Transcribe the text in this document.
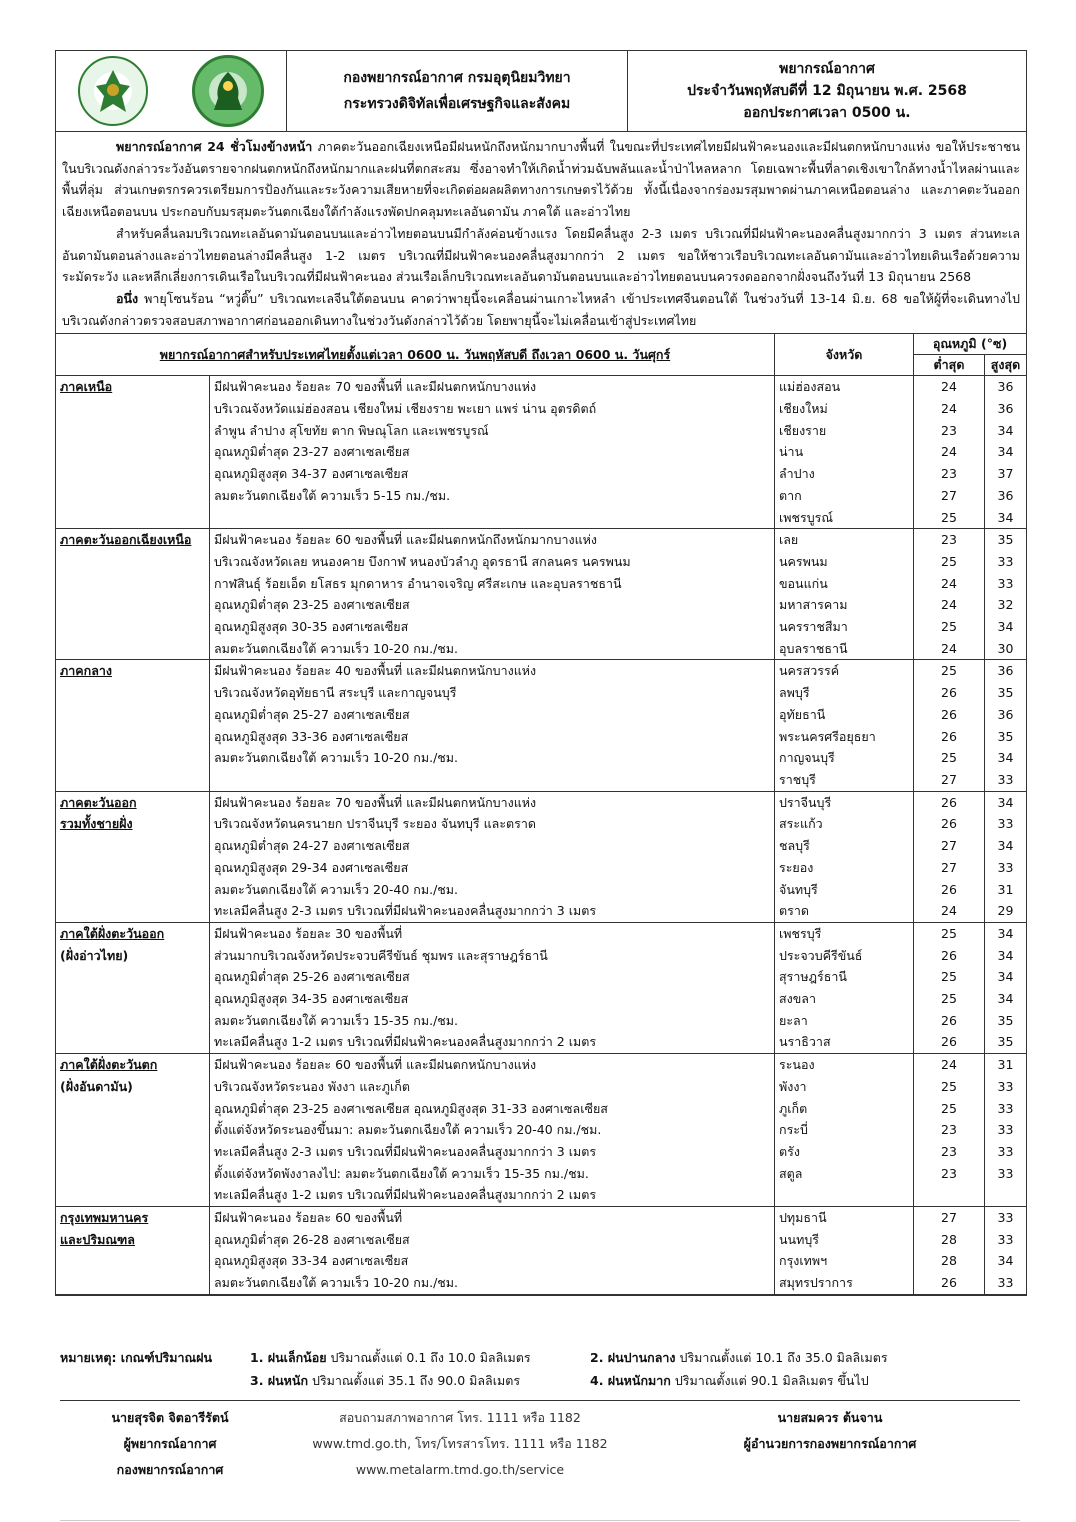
กองพยากรณ์อากาศ กรมอุตุนิยมวิทยา
กระทรวงดิจิทัลเพื่อเศรษฐกิจและสังคม
พยากรณ์อากาศ
ประจำวันพฤหัสบดีที่ 12 มิถุนายน พ.ศ. 2568
ออกประกาศเวลา 0500 น.

พยากรณ์อากาศ 24 ชั่วโมงข้างหน้า ภาคตะวันออกเฉียงเหนือมีฝนหนักถึงหนักมากบางพื้นที่ ในขณะที่ประเทศไทยมีฝนฟ้าคะนองและมีฝนตกหนักบางแห่ง ขอให้ประชาชนในบริเวณดังกล่าวระวังอันตรายจากฝนตกหนักถึงหนักมากและฝนที่ตกสะสม ซึ่งอาจทำให้เกิดน้ำท่วมฉับพลันและน้ำป่าไหลหลาก โดยเฉพาะพื้นที่ลาดเชิงเขาใกล้ทางน้ำไหลผ่านและพื้นที่ลุ่ม ส่วนเกษตรกรควรเตรียมการป้องกันและระวังความเสียหายที่จะเกิดต่อผลผลิตทางการเกษตรไว้ด้วย ทั้งนี้เนื่องจากร่องมรสุมพาดผ่านภาคเหนือตอนล่าง และภาคตะวันออกเฉียงเหนือตอนบน ประกอบกับมรสุมตะวันตกเฉียงใต้กำลังแรงพัดปกคลุมทะเลอันดามัน ภาคใต้ และอ่าวไทย

สำหรับคลื่นลมบริเวณทะเลอันดามันตอนบนและอ่าวไทยตอนบนมีกำลังค่อนข้างแรง โดยมีคลื่นสูง 2-3 เมตร บริเวณที่มีฝนฟ้าคะนองคลื่นสูงมากกว่า 3 เมตร ส่วนทะเลอันดามันตอนล่างและอ่าวไทยตอนล่างมีคลื่นสูง 1-2 เมตร บริเวณที่มีฝนฟ้าคะนองคลื่นสูงมากกว่า 2 เมตร ขอให้ชาวเรือบริเวณทะเลอันดามันและอ่าวไทยเดินเรือด้วยความระมัดระวัง และหลีกเลี่ยงการเดินเรือในบริเวณที่มีฝนฟ้าคะนอง ส่วนเรือเล็กบริเวณทะเลอันดามันตอนบนและอ่าวไทยตอนบนควรงดออกจากฝั่งจนถึงวันที่ 13 มิถุนายน 2568

อนึ่ง พายุโซนร้อน “หวู่ติ๊บ” บริเวณทะเลจีนใต้ตอนบน คาดว่าพายุนี้จะเคลื่อนผ่านเกาะไหหลำ เข้าประเทศจีนตอนใต้ ในช่วงวันที่ 13-14 มิ.ย. 68 ขอให้ผู้ที่จะเดินทางไปบริเวณดังกล่าวตรวจสอบสภาพอากาศก่อนออกเดินทางในช่วงวันดังกล่าวไว้ด้วย โดยพายุนี้จะไม่เคลื่อนเข้าสู่ประเทศไทย

พยากรณ์อากาศสำหรับประเทศไทยตั้งแต่เวลา 0600 น. วันพฤหัสบดี ถึงเวลา 0600 น. วันศุกร์		จังหวัด	อุณหภูมิ (°ซ)	
			ต่ำสุด	สูงสุด
ภาคเหนือ	มีฝนฟ้าคะนอง ร้อยละ 70 ของพื้นที่ และมีฝนตกหนักบางแห่ง	แม่ฮ่องสอน	24	36
	บริเวณจังหวัดแม่ฮ่องสอน เชียงใหม่ เชียงราย พะเยา แพร่ น่าน อุตรดิตถ์	เชียงใหม่	24	36
	ลำพูน ลำปาง สุโขทัย ตาก พิษณุโลก และเพชรบูรณ์	เชียงราย	23	34
	อุณหภูมิต่ำสุด 23-27 องศาเซลเซียส	น่าน	24	34
	อุณหภูมิสูงสุด 34-37 องศาเซลเซียส	ลำปาง	23	37
	ลมตะวันตกเฉียงใต้ ความเร็ว 5-15 กม./ชม.	ตาก	27	36
		เพชรบูรณ์	25	34
ภาคตะวันออกเฉียงเหนือ	มีฝนฟ้าคะนอง ร้อยละ 60 ของพื้นที่ และมีฝนตกหนักถึงหนักมากบางแห่ง	เลย	23	35
	บริเวณจังหวัดเลย หนองคาย บึงกาฬ หนองบัวลำภู อุดรธานี สกลนคร นครพนม	นครพนม	25	33
	กาฬสินธุ์ ร้อยเอ็ด ยโสธร มุกดาหาร อำนาจเจริญ ศรีสะเกษ และอุบลราชธานี	ขอนแก่น	24	33
	อุณหภูมิต่ำสุด 23-25 องศาเซลเซียส	มหาสารคาม	24	32
	อุณหภูมิสูงสุด 30-35 องศาเซลเซียส	นครราชสีมา	25	34
	ลมตะวันตกเฉียงใต้ ความเร็ว 10-20 กม./ชม.	อุบลราชธานี	24	30
ภาคกลาง	มีฝนฟ้าคะนอง ร้อยละ 40 ของพื้นที่ และมีฝนตกหนักบางแห่ง	นครสวรรค์	25	36
	บริเวณจังหวัดอุทัยธานี สระบุรี และกาญจนบุรี	ลพบุรี	26	35
	อุณหภูมิต่ำสุด 25-27 องศาเซลเซียส	อุทัยธานี	26	36
	อุณหภูมิสูงสุด 33-36 องศาเซลเซียส	พระนครศรีอยุธยา	26	35
	ลมตะวันตกเฉียงใต้ ความเร็ว 10-20 กม./ชม.	กาญจนบุรี	25	34
		ราชบุรี	27	33
ภาคตะวันออก	มีฝนฟ้าคะนอง ร้อยละ 70 ของพื้นที่ และมีฝนตกหนักบางแห่ง	ปราจีนบุรี	26	34
รวมทั้งชายฝั่ง	บริเวณจังหวัดนครนายก ปราจีนบุรี ระยอง จันทบุรี และตราด	สระแก้ว	26	33
	อุณหภูมิต่ำสุด 24-27 องศาเซลเซียส	ชลบุรี	27	34
	อุณหภูมิสูงสุด 29-34 องศาเซลเซียส	ระยอง	27	33
	ลมตะวันตกเฉียงใต้ ความเร็ว 20-40 กม./ชม.	จันทบุรี	26	31
	ทะเลมีคลื่นสูง 2-3 เมตร บริเวณที่มีฝนฟ้าคะนองคลื่นสูงมากกว่า 3 เมตร	ตราด	24	29
ภาคใต้ฝั่งตะวันออก	มีฝนฟ้าคะนอง ร้อยละ 30 ของพื้นที่	เพชรบุรี	25	34
(ฝั่งอ่าวไทย)	ส่วนมากบริเวณจังหวัดประจวบคีรีขันธ์ ชุมพร และสุราษฎร์ธานี	ประจวบคีรีขันธ์	26	34
	อุณหภูมิต่ำสุด 25-26 องศาเซลเซียส	สุราษฎร์ธานี	25	34
	อุณหภูมิสูงสุด 34-35 องศาเซลเซียส	สงขลา	25	34
	ลมตะวันตกเฉียงใต้ ความเร็ว 15-35 กม./ชม.	ยะลา	26	35
	ทะเลมีคลื่นสูง 1-2 เมตร บริเวณที่มีฝนฟ้าคะนองคลื่นสูงมากกว่า 2 เมตร	นราธิวาส	26	35
ภาคใต้ฝั่งตะวันตก	มีฝนฟ้าคะนอง ร้อยละ 60 ของพื้นที่ และมีฝนตกหนักบางแห่ง	ระนอง	24	31
(ฝั่งอันดามัน)	บริเวณจังหวัดระนอง พังงา และภูเก็ต	พังงา	25	33
	อุณหภูมิต่ำสุด 23-25 องศาเซลเซียส อุณหภูมิสูงสุด 31-33 องศาเซลเซียส	ภูเก็ต	25	33
	ตั้งแต่จังหวัดระนองขึ้นมา: ลมตะวันตกเฉียงใต้ ความเร็ว 20-40 กม./ชม.	กระบี่	23	33
	ทะเลมีคลื่นสูง 2-3 เมตร บริเวณที่มีฝนฟ้าคะนองคลื่นสูงมากกว่า 3 เมตร	ตรัง	23	33
	ตั้งแต่จังหวัดพังงาลงไป: ลมตะวันตกเฉียงใต้ ความเร็ว 15-35 กม./ชม.	สตูล	23	33
	ทะเลมีคลื่นสูง 1-2 เมตร บริเวณที่มีฝนฟ้าคะนองคลื่นสูงมากกว่า 2 เมตร			
กรุงเทพมหานคร	มีฝนฟ้าคะนอง ร้อยละ 60 ของพื้นที่	ปทุมธานี	27	33
และปริมณฑล	อุณหภูมิต่ำสุด 26-28 องศาเซลเซียส	นนทบุรี	28	33
	อุณหภูมิสูงสุด 33-34 องศาเซลเซียส	กรุงเทพฯ	28	34
	ลมตะวันตกเฉียงใต้ ความเร็ว 10-20 กม./ชม.	สมุทรปราการ	26	33
หมายเหตุ: เกณฑ์ปริมาณฝน	1. ฝนเล็กน้อย ปริมาณตั้งแต่ 0.1 ถึง 10.0 มิลลิเมตร	2. ฝนปานกลาง ปริมาณตั้งแต่ 10.1 ถึง 35.0 มิลลิเมตร
3. ฝนหนัก ปริมาณตั้งแต่ 35.1 ถึง 90.0 มิลลิเมตร	4. ฝนหนักมาก ปริมาณตั้งแต่ 90.1 มิลลิเมตร ขึ้นไป
นายสุรจิต จิตอารีรัตน์
ผู้พยากรณ์อากาศ
กองพยากรณ์อากาศ
สอบถามสภาพอากาศ โทร. 1111 หรือ 1182
www.tmd.go.th, โทร/โทรสารโทร. 1111 หรือ 1182
www.metalarm.tmd.go.th/service
นายสมควร ต้นจาน
ผู้อำนวยการกองพยากรณ์อากาศ
